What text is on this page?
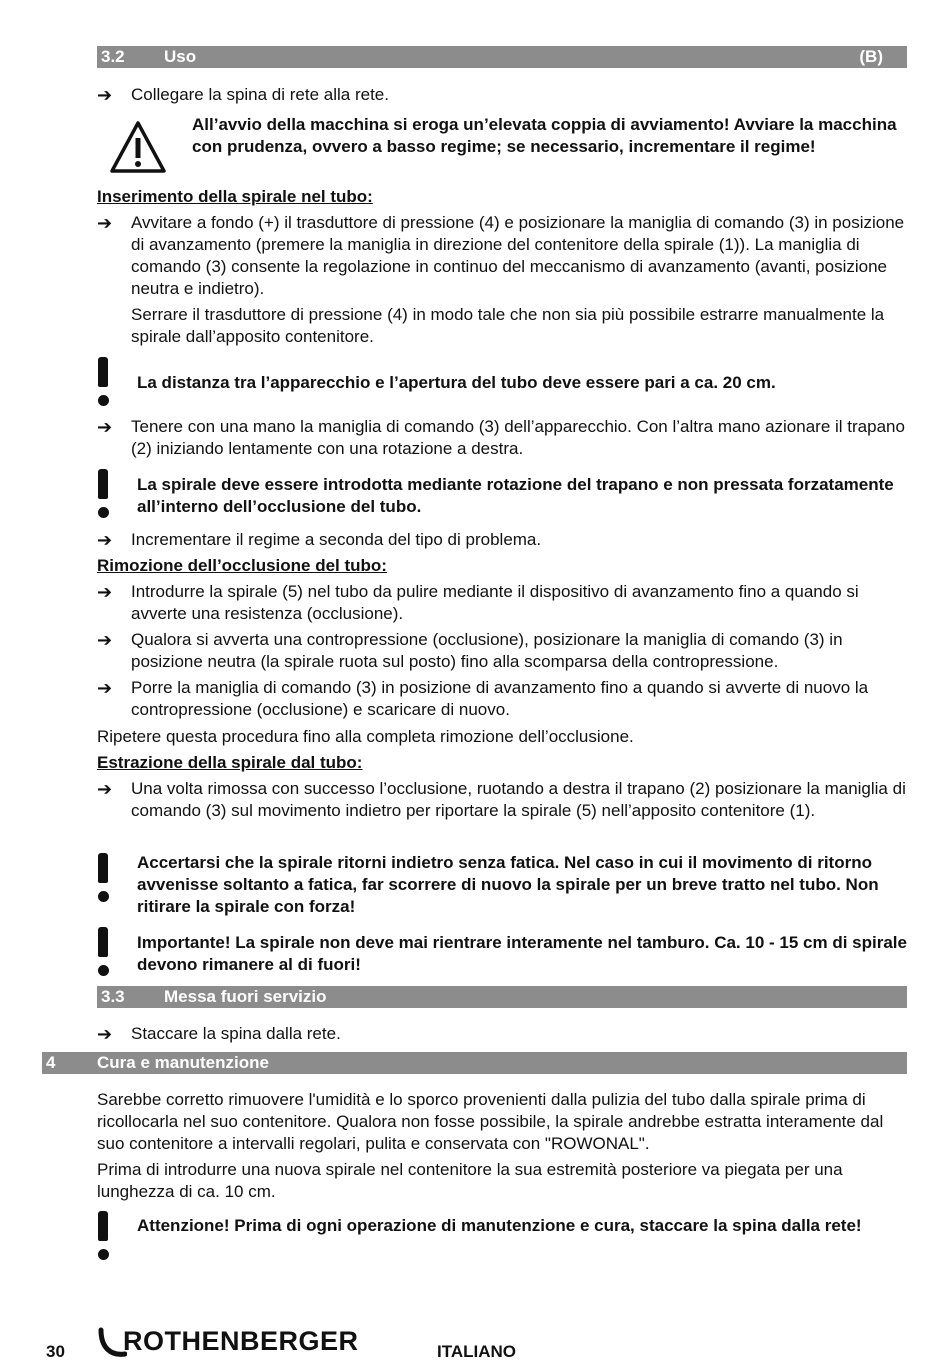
3.2 Uso	(B)
➔	Collegare la spina di rete alla rete.
All’avvio della macchina si eroga un’elevata coppia di avviamento! Avviare la macchina con prudenza, ovvero a basso regime; se necessario, incrementare il regime!
Inserimento della spirale nel tubo:
➔	Avvitare a fondo (+) il trasduttore di pressione (4) e posizionare la maniglia di comando (3) in posizione di avanzamento (premere la maniglia in direzione del contenitore della spirale (1)). La maniglia di comando (3) consente la regolazione in continuo del meccanismo di avanzamento (avanti, posizione neutra e indietro).
Serrare il trasduttore di pressione (4) in modo tale che non sia più possibile estrarre manualmente la spirale dall’apposito contenitore.
La distanza tra l’apparecchio e l’apertura del tubo deve essere pari a ca. 20 cm.
➔	Tenere con una mano la maniglia di comando (3) dell’apparecchio. Con l’altra mano azionare il trapano (2) iniziando lentamente con una rotazione a destra.
La spirale deve essere introdotta mediante rotazione del trapano e non pressata forzatamente all’interno dell’occlusione del tubo.
➔	Incrementare il regime a seconda del tipo di problema.
Rimozione dell’occlusione del tubo:
➔	Introdurre la spirale (5) nel tubo da pulire mediante il dispositivo di avanzamento fino a quando si avverte una resistenza (occlusione).
➔	Qualora si avverta una contropressione (occlusione), posizionare la maniglia di comando (3) in posizione neutra (la spirale ruota sul posto) fino alla scomparsa della contropressione.
➔	Porre la maniglia di comando (3) in posizione di avanzamento fino a quando si avverte di nuovo la contropressione (occlusione) e scaricare di nuovo.
Ripetere questa procedura fino alla completa rimozione dell’occlusione.
Estrazione della spirale dal tubo:
➔	Una volta rimossa con successo l’occlusione, ruotando a destra il trapano (2) posizionare la maniglia di comando (3) sul movimento indietro per riportare la spirale (5) nell’apposito contenitore (1).
Accertarsi che la spirale ritorni indietro senza fatica. Nel caso in cui il movimento di ritorno avvenisse soltanto a fatica, far scorrere di nuovo la spirale per un breve tratto nel tubo. Non ritirare la spirale con forza!
Importante! La spirale non deve mai rientrare interamente nel tamburo. Ca. 10 - 15 cm di spirale devono rimanere al di fuori!
3.3 Messa fuori servizio
➔	Staccare la spina dalla rete.
4 Cura e manutenzione
Sarebbe corretto rimuovere l'umidità e lo sporco provenienti dalla pulizia del tubo dalla spirale prima di ricollocarla nel suo contenitore. Qualora non fosse possibile, la spirale andrebbe estratta interamente dal suo contenitore a intervalli regolari, pulita e conservata con "ROWONAL".
Prima di introdurre una nuova spirale nel contenitore la sua estremità posteriore va piegata per una lunghezza di ca. 10 cm.
Attenzione! Prima di ogni operazione di manutenzione e cura, staccare la spina dalla rete!
30 ROTHENBERGER	ITALIANO
